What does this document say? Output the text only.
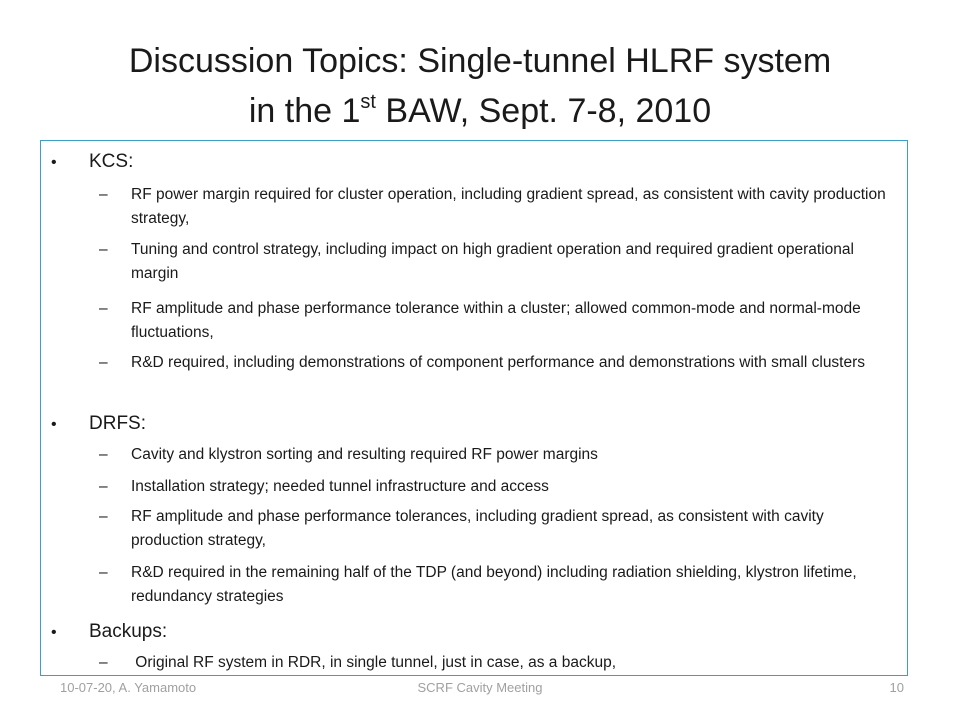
Discussion Topics: Single-tunnel HLRF system
in the 1st BAW, Sept. 7-8, 2010
•	KCS:
–	RF power margin required for cluster operation, including gradient spread, as consistent with cavity production strategy,
–	Tuning and control strategy, including impact on high gradient operation and required gradient operational margin
–	RF amplitude and phase performance tolerance within a cluster; allowed common-mode and normal-mode fluctuations,
–	R&D required, including demonstrations of component performance and demonstrations with small clusters
•	DRFS:
–	Cavity and klystron sorting and resulting required RF power margins
–	Installation strategy; needed tunnel infrastructure and access
–	RF amplitude and phase performance tolerances, including gradient spread, as consistent with cavity production strategy,
–	R&D required in the remaining half of the TDP (and beyond) including radiation shielding, klystron lifetime, redundancy strategies
•	Backups:
–	Original RF system in RDR, in single tunnel, just in case, as a backup,
10-07-20, A. Yamamoto	SCRF Cavity Meeting	10
